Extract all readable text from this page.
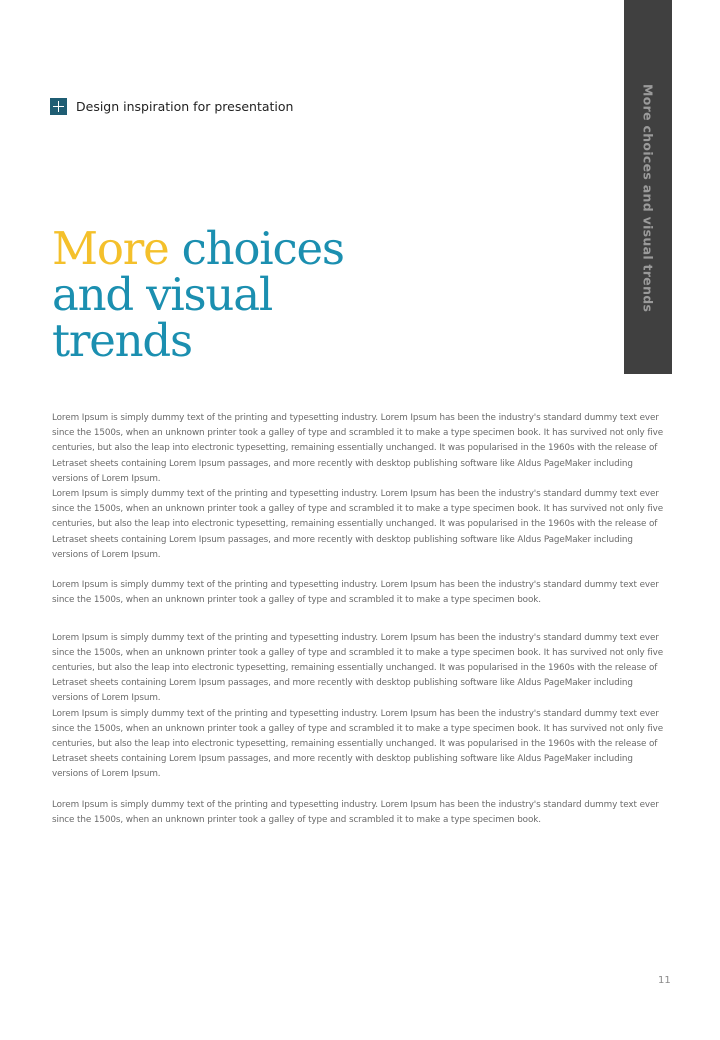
More choices and visual trends
Design inspiration for presentation
More choices
and visual
trends

Lorem Ipsum is simply dummy text of the printing and typesetting industry. Lorem Ipsum has been the industry's standard dummy text ever since the 1500s, when an unknown printer took a galley of type and scrambled it to make a type specimen book. It has survived not only five centuries, but also the leap into electronic typesetting, remaining essentially unchanged. It was popularised in the 1960s with the release of Letraset sheets containing Lorem Ipsum passages, and more recently with desktop publishing software like Aldus PageMaker including versions of Lorem Ipsum.

Lorem Ipsum is simply dummy text of the printing and typesetting industry. Lorem Ipsum has been the industry's standard dummy text ever since the 1500s, when an unknown printer took a galley of type and scrambled it to make a type specimen book. It has survived not only five centuries, but also the leap into electronic typesetting, remaining essentially unchanged. It was popularised in the 1960s with the release of Letraset sheets containing Lorem Ipsum passages, and more recently with desktop publishing software like Aldus PageMaker including versions of Lorem Ipsum.

Lorem Ipsum is simply dummy text of the printing and typesetting industry. Lorem Ipsum has been the industry's standard dummy text ever since the 1500s, when an unknown printer took a galley of type and scrambled it to make a type specimen book.

Lorem Ipsum is simply dummy text of the printing and typesetting industry. Lorem Ipsum has been the industry's standard dummy text ever since the 1500s, when an unknown printer took a galley of type and scrambled it to make a type specimen book. It has survived not only five centuries, but also the leap into electronic typesetting, remaining essentially unchanged. It was popularised in the 1960s with the release of Letraset sheets containing Lorem Ipsum passages, and more recently with desktop publishing software like Aldus PageMaker including versions of Lorem Ipsum.

Lorem Ipsum is simply dummy text of the printing and typesetting industry. Lorem Ipsum has been the industry's standard dummy text ever since the 1500s, when an unknown printer took a galley of type and scrambled it to make a type specimen book. It has survived not only five centuries, but also the leap into electronic typesetting, remaining essentially unchanged. It was popularised in the 1960s with the release of Letraset sheets containing Lorem Ipsum passages, and more recently with desktop publishing software like Aldus PageMaker including versions of Lorem Ipsum.

Lorem Ipsum is simply dummy text of the printing and typesetting industry. Lorem Ipsum has been the industry's standard dummy text ever since the 1500s, when an unknown printer took a galley of type and scrambled it to make a type specimen book.

11
